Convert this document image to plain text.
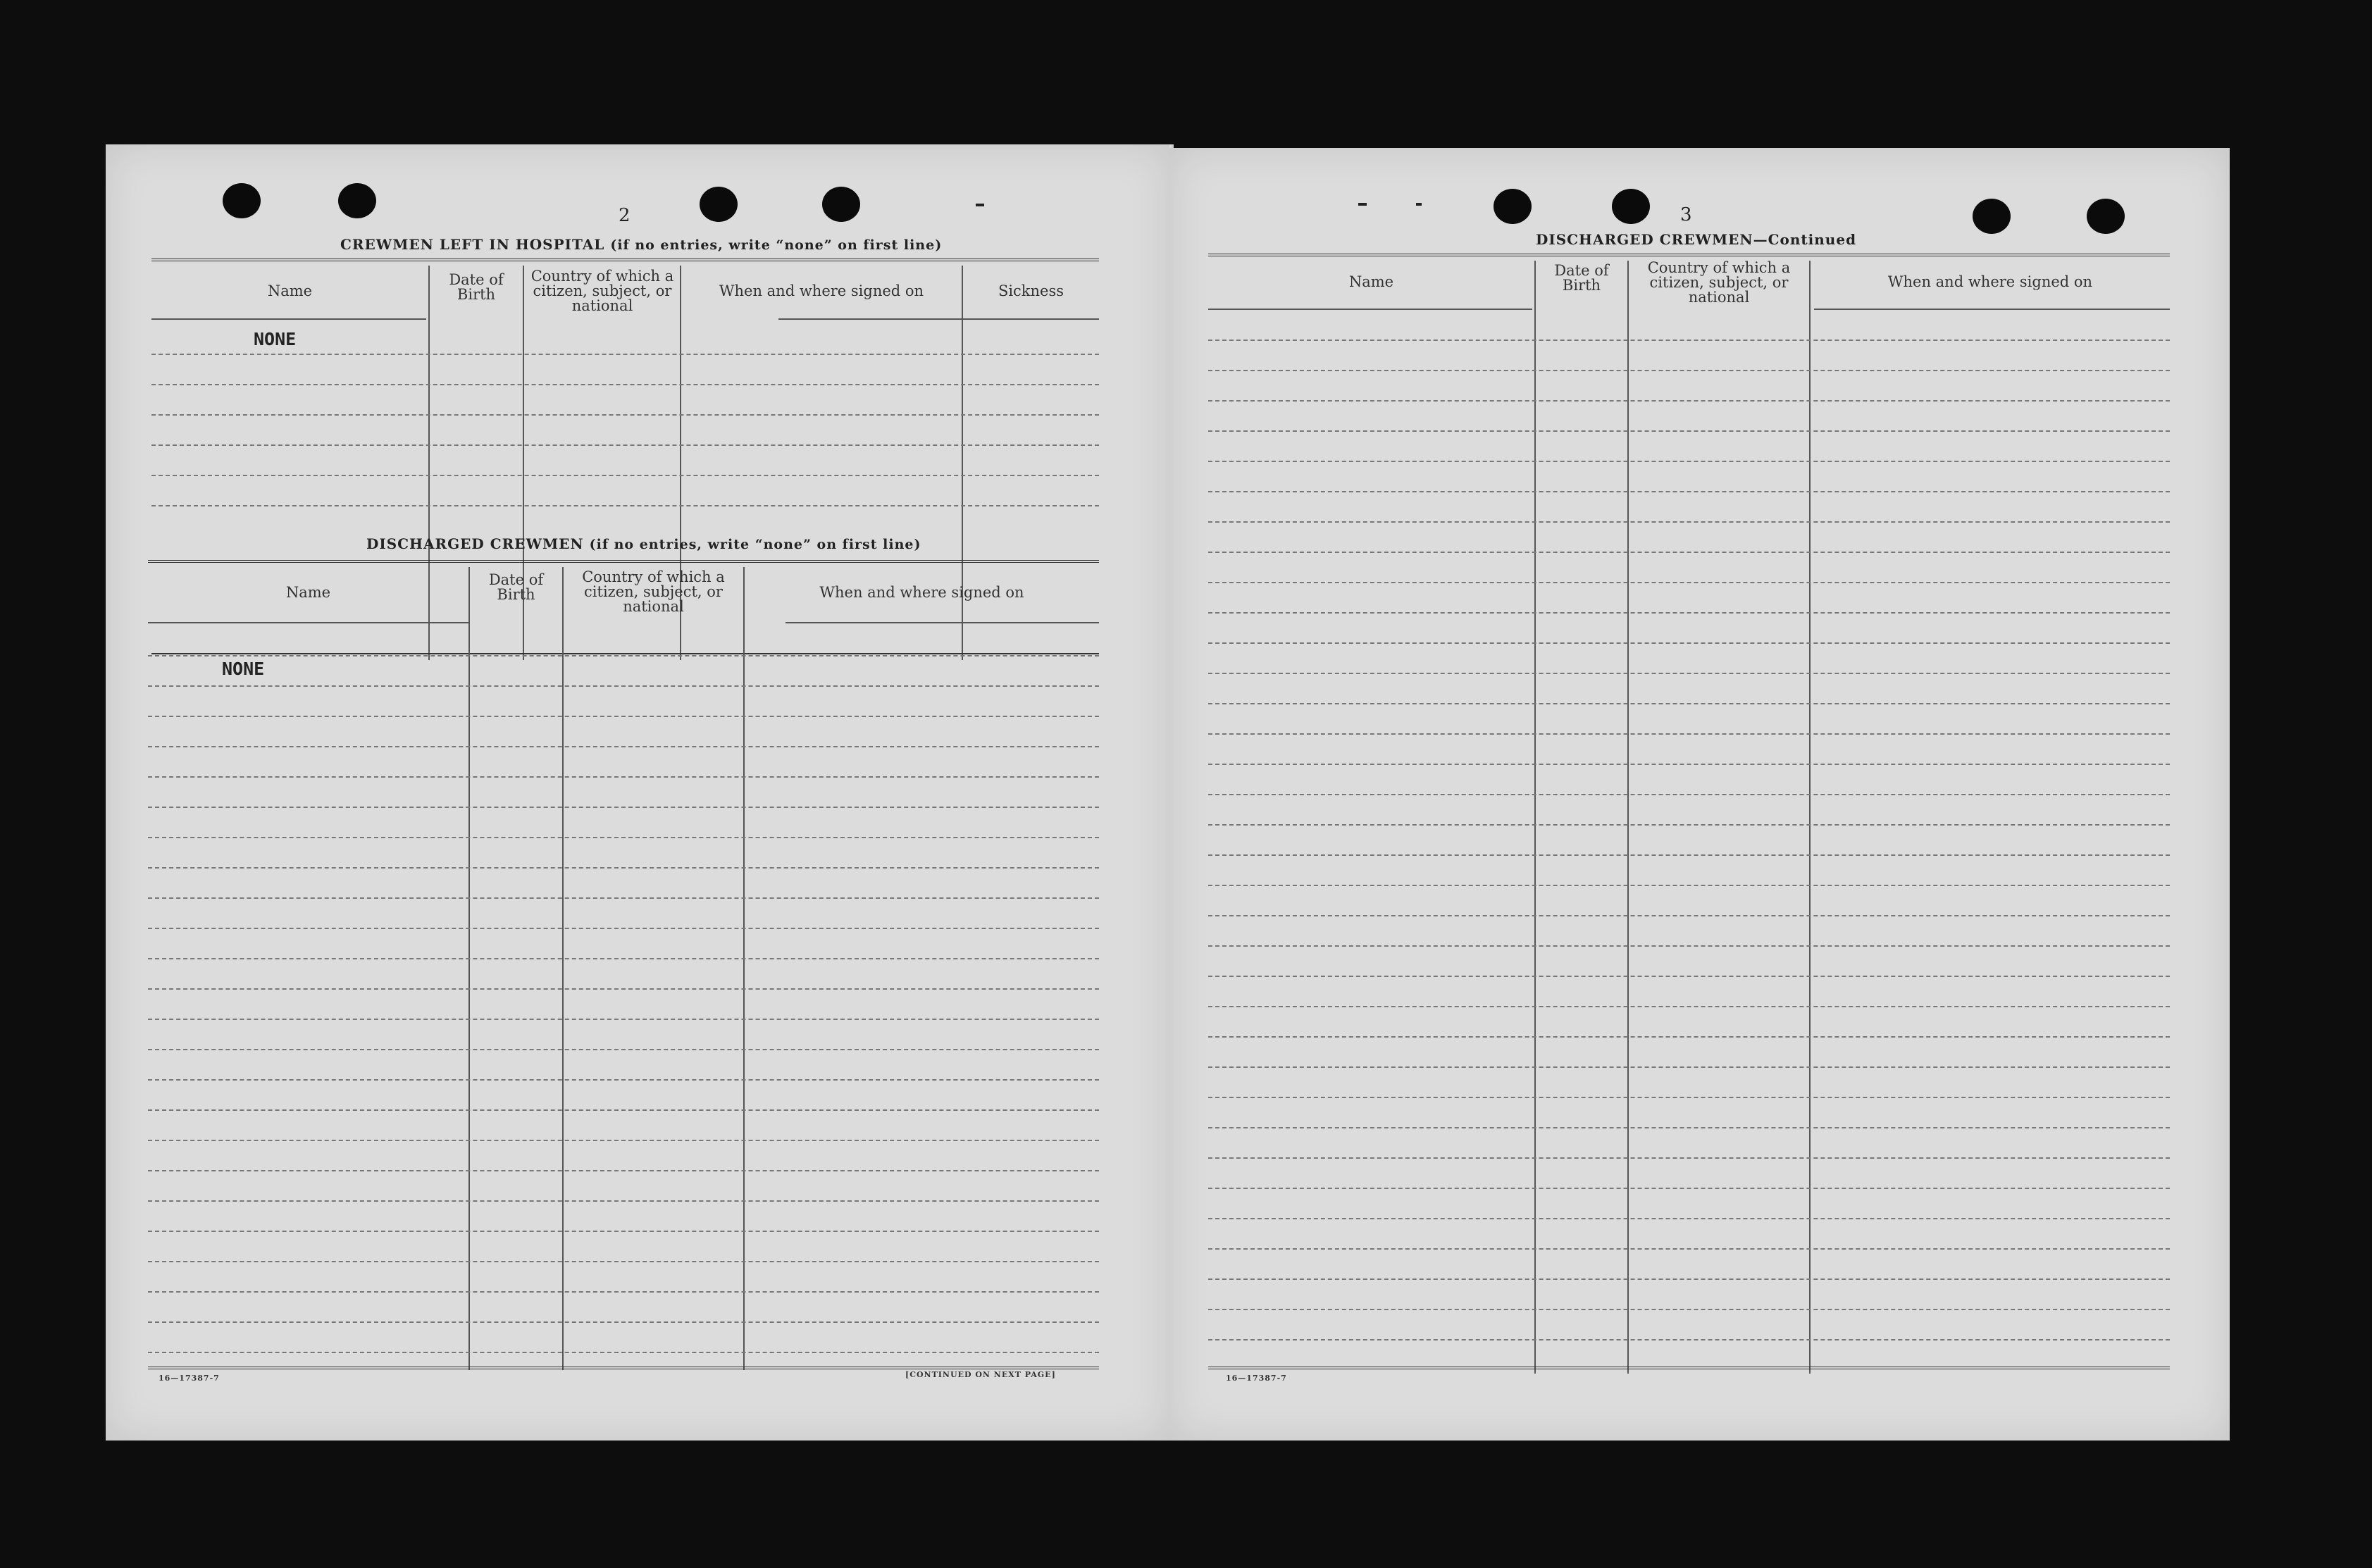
2
CREWMEN LEFT IN HOSPITAL (if no entries, write “none” on first line)
Name
Date of Birth
Country of which a citizen, subject, or national
When and where signed on	Sickness
NONE
DISCHARGED CREWMEN (if no entries, write “none” on first line)
Name
Date of Birth
Country of which a citizen, subject, or national
When and where signed on
NONE
16—17387-7	[CONTINUED ON NEXT PAGE]
3
DISCHARGED CREWMEN—Continued
Name
Date of Birth
Country of which a citizen, subject, or national
When and where signed on
16—17387-7
